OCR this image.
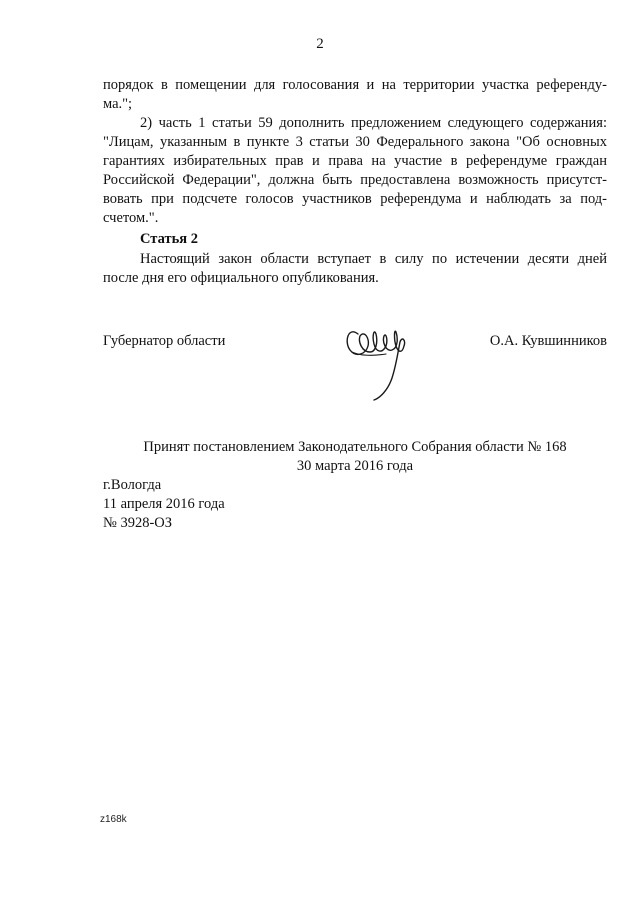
2
порядок в помещении для голосования и на территории участка референду-
ма.";
2) часть 1 статьи 59 дополнить предложением следующего содержания:
"Лицам, указанным в пункте 3 статьи 30 Федерального закона "Об основных
гарантиях избирательных прав и права на участие в референдуме граждан
Российской Федерации", должна быть предоставлена возможность присутст-
вовать при подсчете голосов участников референдума и наблюдать за под-
счетом.".
Статья 2
Настоящий закон области вступает в силу по истечении десяти дней
после дня его официального опубликования.
Губернатор области	О.А. Кувшинников
Принят постановлением Законодательного Собрания области № 168
30 марта 2016 года
г.Вологда
11 апреля 2016 года
№ 3928-ОЗ
z168k
